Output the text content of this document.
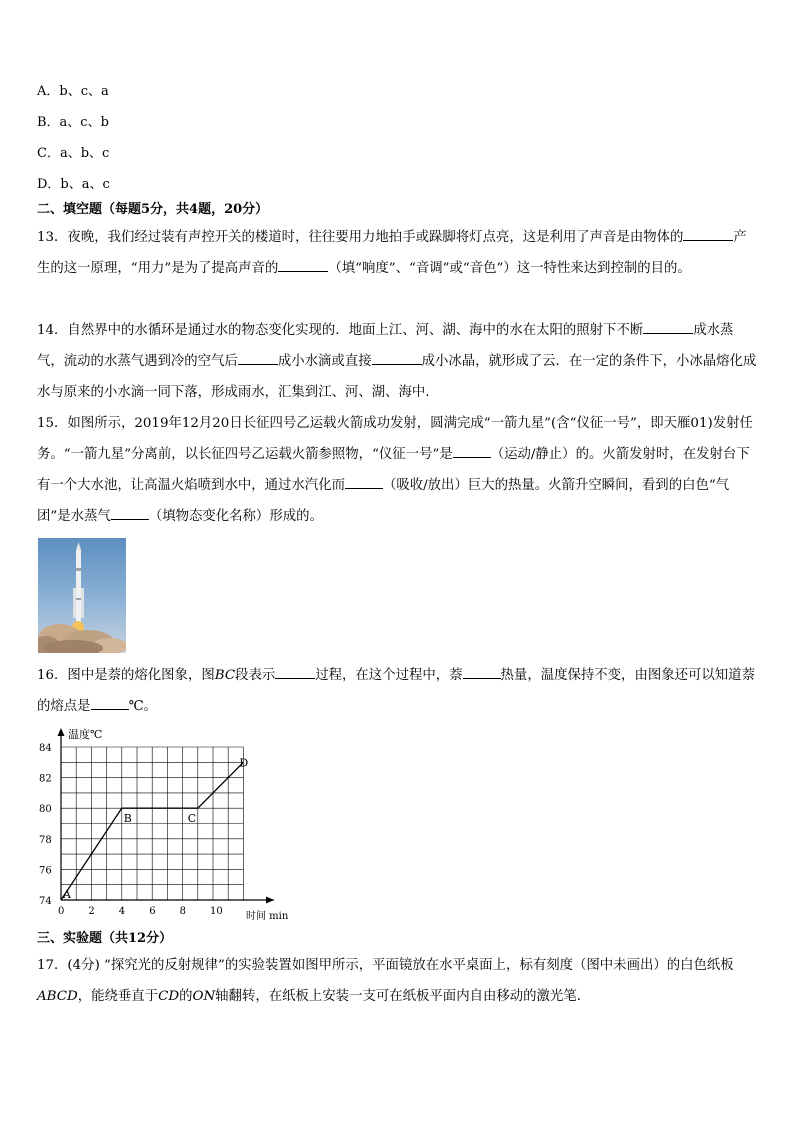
A．b、c、a
B．a、c、b
C．a、b、c
D．b、a、c
二、填空题（每题5分，共4题，20分）
13．夜晚，我们经过装有声控开关的楼道时，往往要用力地拍手或跺脚将灯点亮，这是利用了声音是由物体的	产生的这一原理，“用力”是为了提高声音的	（填“响度”、“音调”或“音色”）这一特性来达到控制的目的。
14．自然界中的水循环是通过水的物态变化实现的．地面上江、河、湖、海中的水在太阳的照射下不断	成水蒸气，流动的水蒸气遇到冷的空气后	成小水滴或直接	成小冰晶，就形成了云．在一定的条件下，小冰晶熔化成水与原来的小水滴一同下落，形成雨水，汇集到江、河、湖、海中．
15．如图所示，2019年12月20日长征四号乙运载火箭成功发射，圆满完成“一箭九星”(含“仪征一号”，即天雁01)发射任务。“一箭九星”分离前，以长征四号乙运载火箭参照物，“仪征一号”是	（运动/静止）的。火箭发射时，在发射台下有一个大水池，让高温火焰喷到水中，通过水汽化而	（吸收/放出）巨大的热量。火箭升空瞬间，看到的白色“气团”是水蒸气	（填物态变化名称）形成的。
16．图中是萘的熔化图象，图BC段表示	过程，在这个过程中，萘	热量，温度保持不变，由图象还可以知道萘的熔点是	℃。
温度℃
时间 min
0 2 4 6 8 10
74
76
78
80
82
84
A
B	C
D
三、实验题（共12分）
17．(4分) “探究光的反射规律”的实验装置如图甲所示，平面镜放在水平桌面上，标有刻度（图中未画出）的白色纸板ABCD，能绕垂直于CD的ON轴翻转，在纸板上安装一支可在纸板平面内自由移动的激光笔．
